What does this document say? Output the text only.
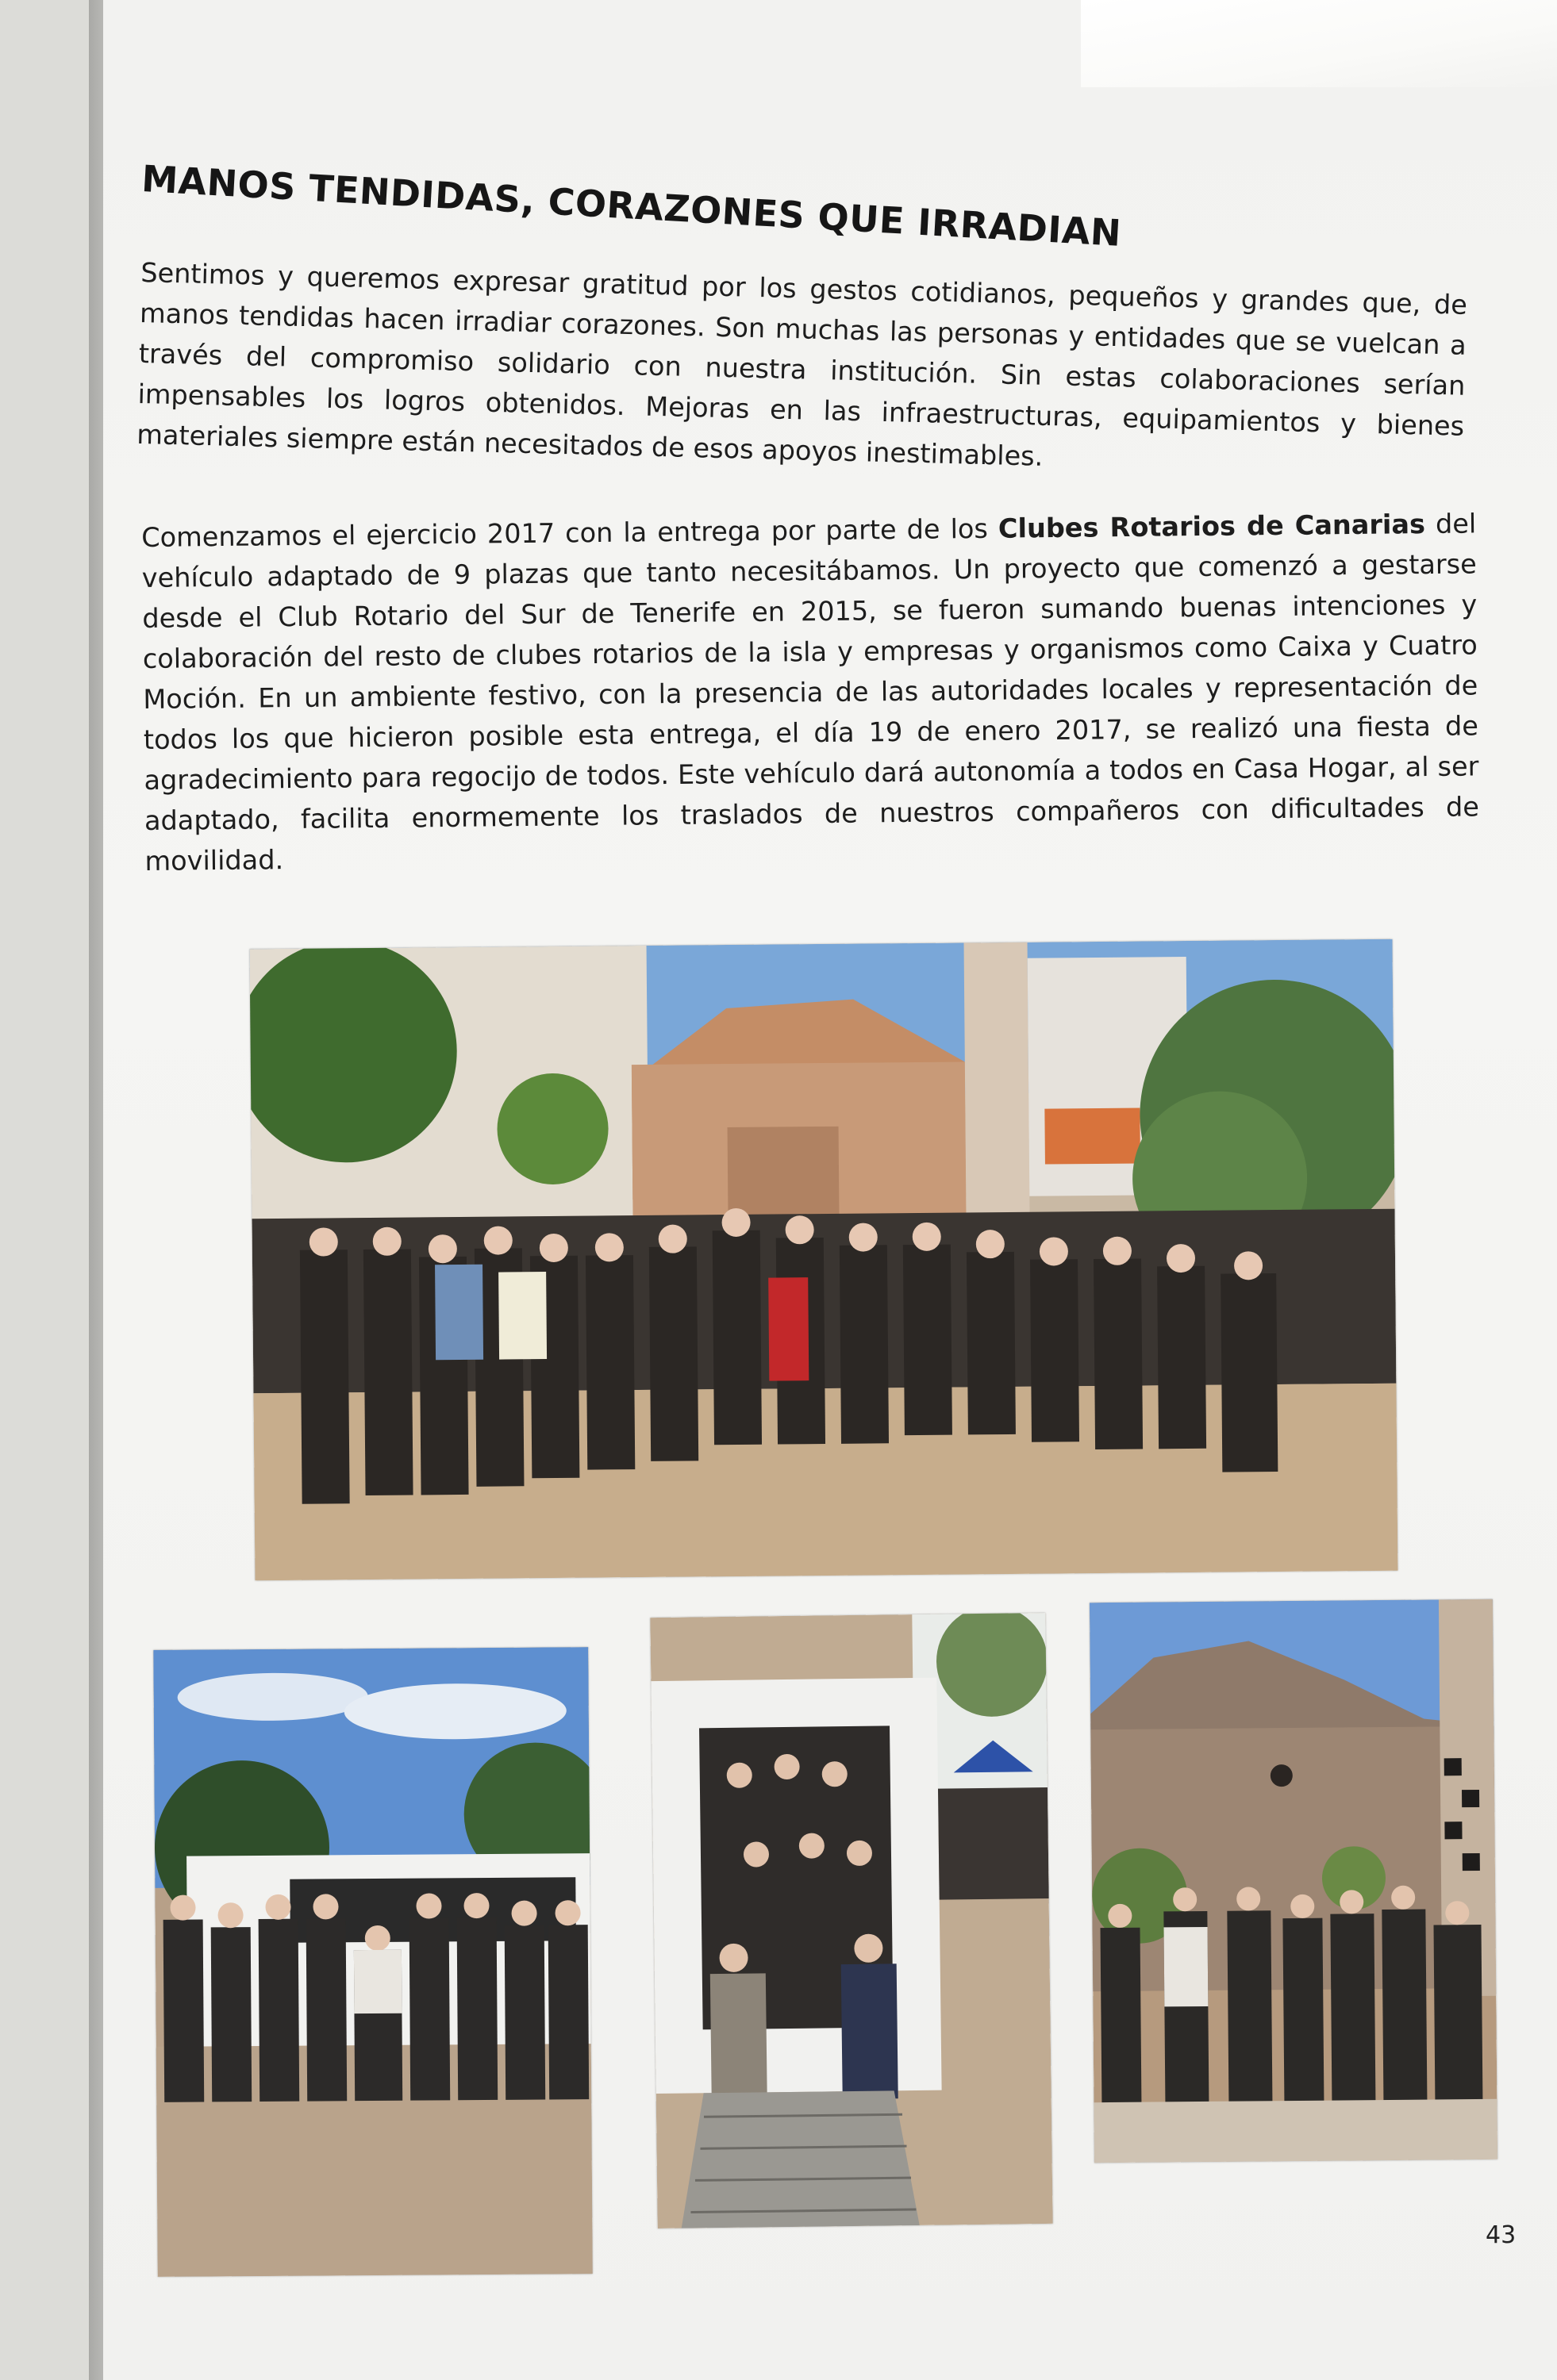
MANOS TENDIDAS, CORAZONES QUE IRRADIAN

Sentimos y queremos expresar gratitud por los gestos cotidianos, pequeños y grandes que, de manos tendidas hacen irradiar corazones. Son muchas las personas y entidades que se vuelcan a través del compromiso solidario con nuestra institución. Sin estas colaboraciones serían impensables los logros obtenidos. Mejoras en las infraestructuras, equipamientos y bienes materiales siempre están necesitados de esos apoyos inestimables.

Comenzamos el ejercicio 2017 con la entrega por parte de los Clubes Rotarios de Canarias del vehículo adaptado de 9 plazas que tanto necesitábamos. Un proyecto que comenzó a gestarse desde el Club Rotario del Sur de Tenerife en 2015, se fueron sumando buenas intenciones y colaboración del resto de clubes rotarios de la isla y empresas y organismos como Caixa y Cuatro Moción. En un ambiente festivo, con la presencia de las autoridades locales y representación de todos los que hicieron posible esta entrega, el día 19 de enero 2017, se realizó una fiesta de agradecimiento para regocijo de todos. Este vehículo dará autonomía a todos en Casa Hogar, al ser adaptado, facilita enormemente los traslados de nuestros compañeros con dificultades de movilidad.

43
